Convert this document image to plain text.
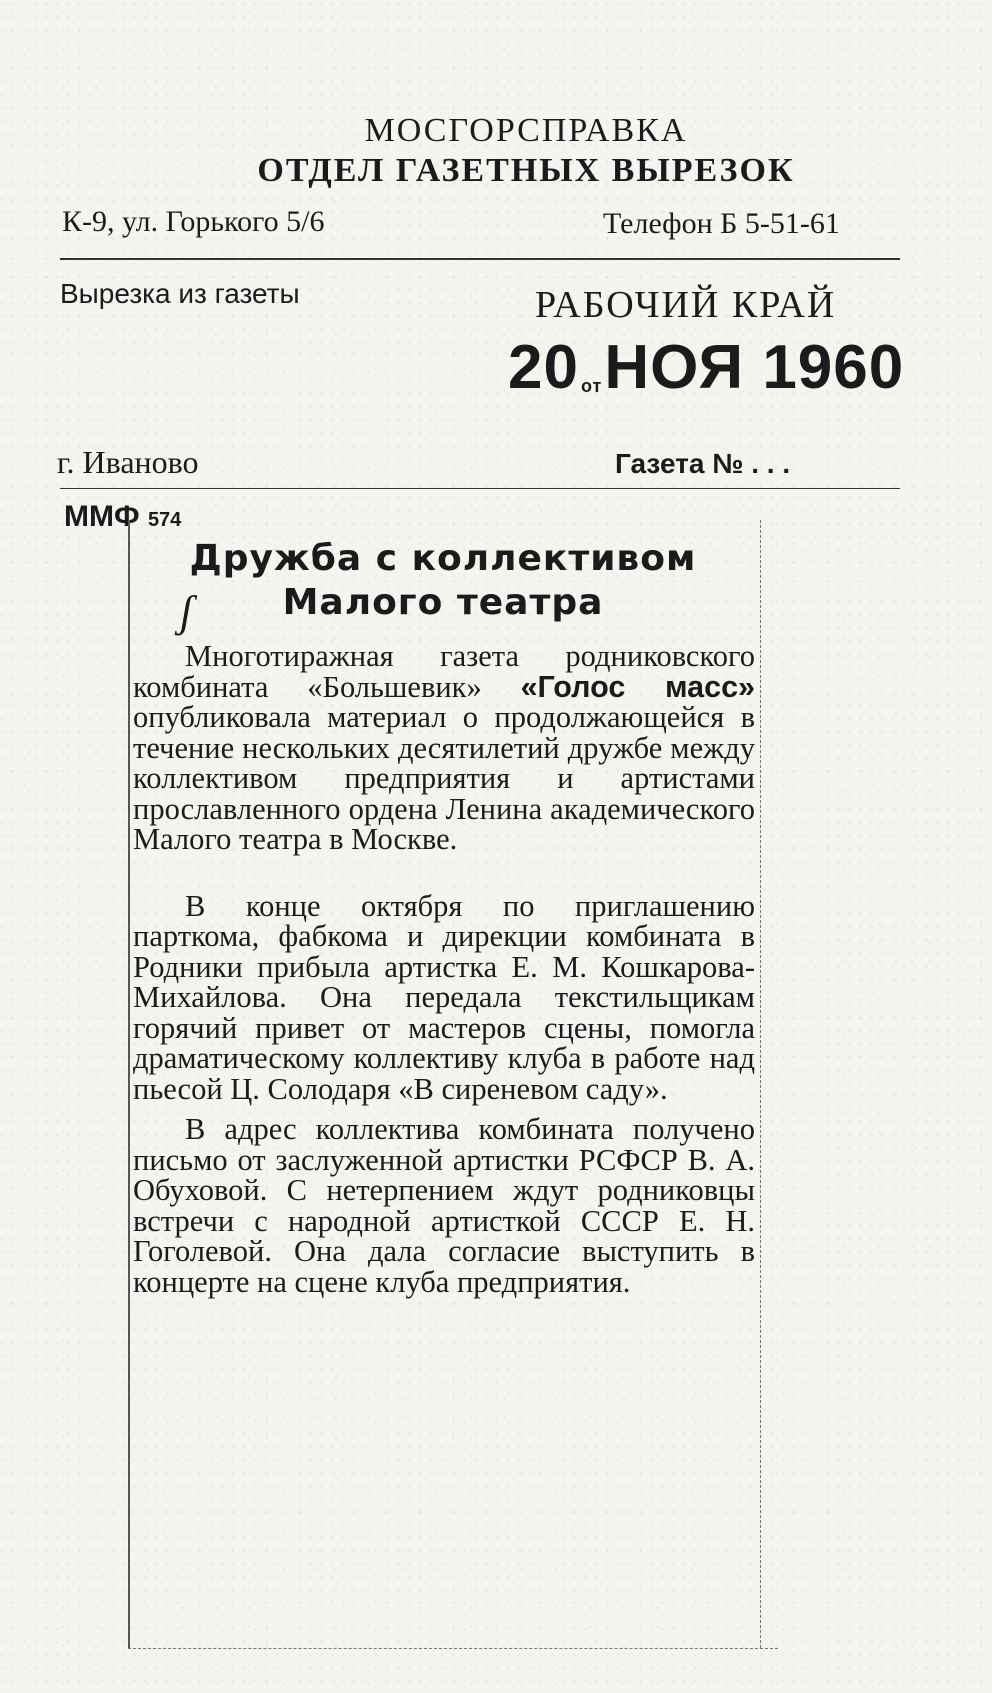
МОСГОРСПРАВКА
ОТДЕЛ ГАЗЕТНЫХ ВЫРЕЗОК
К-9, ул. Горького 5/6	Телефон Б 5-51-61
Вырезка из газеты	РАБОЧИЙ КРАЙ
20 отНОЯ 1960
г. Иваново	Газета № . . .
ММФ 574
Дружба с коллективом
Малого театра
ʃ

Многотиражная газета родниковского комбината «Большевик» «Голос масс» опубликовала материал о продолжающейся в течение нескольких десятилетий дружбе между коллективом предприятия и артистами прославленного ордена Ленина академического Малого театра в Москве.

В конце октября по приглашению парткома, фабкома и дирекции комбината в Родники прибыла артистка Е. М. Кошкарова-Михайлова. Она передала текстильщикам горячий привет от мастеров сцены, помогла драматическому коллективу клуба в работе над пьесой Ц. Солодаря «В сиреневом саду».

В адрес коллектива комбината получено письмо от заслуженной артистки РСФСР В. А. Обуховой. С нетерпением ждут родниковцы встречи с народной артисткой СССР Е. Н. Гоголевой. Она дала согласие выступить в концерте на сцене клуба предприятия.
